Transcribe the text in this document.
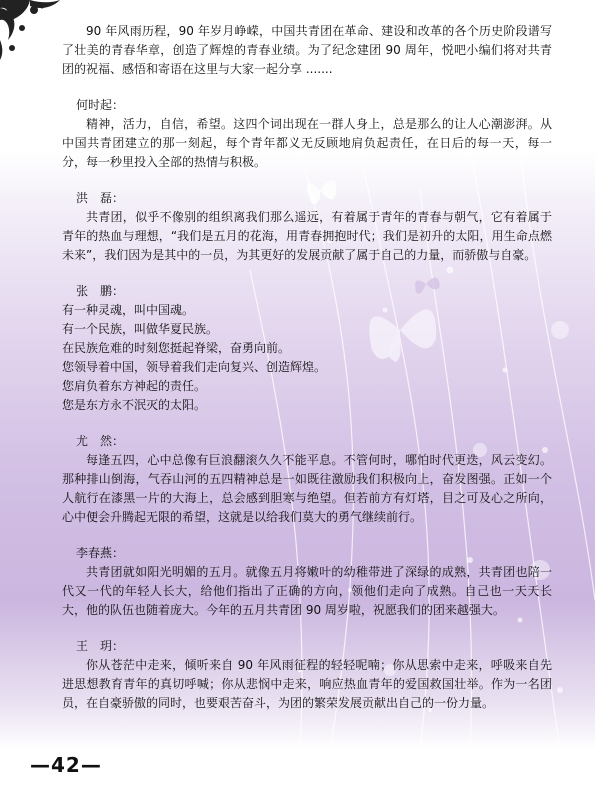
90 年风雨历程，90 年岁月峥嵘，中国共青团在革命、建设和改革的各个历史阶段谱写了壮美的青春华章，创造了辉煌的青春业绩。为了纪念建团 90 周年，悦吧小编们将对共青团的祝福、感悟和寄语在这里与大家一起分享 .......

何时起：

精神，活力，自信，希望。这四个词出现在一群人身上，总是那么的让人心潮澎湃。从中国共青团建立的那一刻起，每个青年都义无反顾地肩负起责任，在日后的每一天，每一分，每一秒里投入全部的热情与积极。

洪　磊：

共青团，似乎不像别的组织离我们那么遥远，有着属于青年的青春与朝气，它有着属于青年的热血与理想，“我们是五月的花海，用青春拥抱时代；我们是初升的太阳，用生命点燃未来”，我们因为是其中的一员，为其更好的发展贡献了属于自己的力量，而骄傲与自豪。

张　鹏：

有一种灵魂，叫中国魂。

有一个民族，叫做华夏民族。

在民族危难的时刻您挺起脊梁，奋勇向前。

您领导着中国，领导着我们走向复兴、创造辉煌。

您肩负着东方神起的责任。

您是东方永不泯灭的太阳。

尤　然：

每逢五四，心中总像有巨浪翻滚久久不能平息。不管何时，哪怕时代更迭，风云变幻。那种排山倒海，气吞山河的五四精神总是一如既往激励我们积极向上，奋发图强。正如一个人航行在漆黑一片的大海上，总会感到胆寒与绝望。但若前方有灯塔，目之可及心之所向，心中便会升腾起无限的希望，这就是以给我们莫大的勇气继续前行。

李春燕：

共青团就如阳光明媚的五月。就像五月将嫩叶的幼稚带进了深绿的成熟，共青团也陪一代又一代的年轻人长大，给他们指出了正确的方向，领他们走向了成熟。自己也一天天长大，他的队伍也随着庞大。今年的五月共青团 90 周岁啦，祝愿我们的团来越强大。

王　玥：

你从苍茫中走来，倾听来自 90 年风雨征程的轻轻呢喃；你从思索中走来，呼吸来自先进思想教育青年的真切呼喊；你从悲悯中走来，响应热血青年的爱国救国壮举。作为一名团员，在自豪骄傲的同时，也要艰苦奋斗，为团的繁荣发展贡献出自己的一份力量。

—42—
